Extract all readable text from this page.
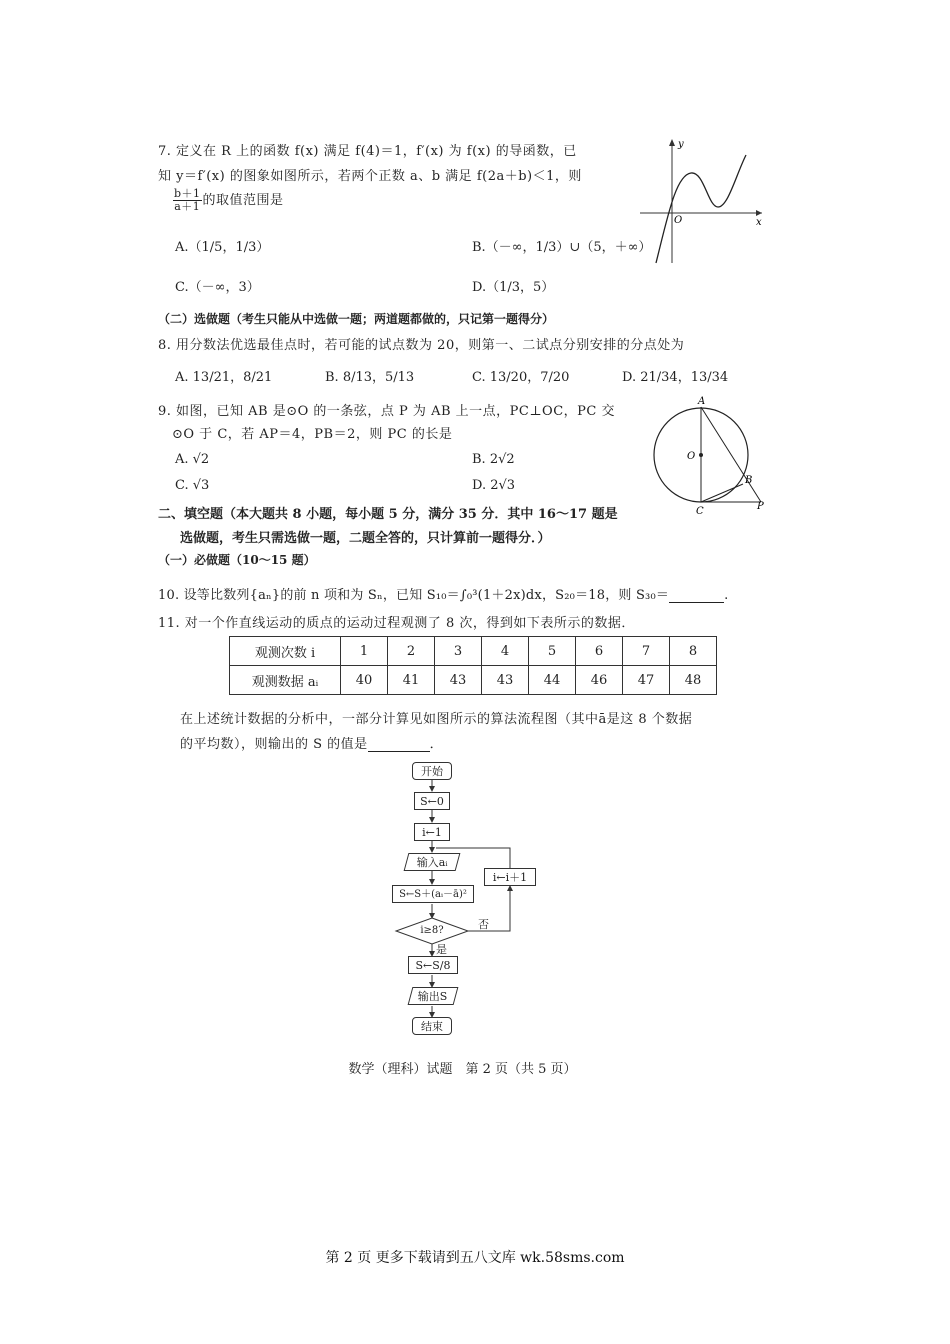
7. 定义在 R 上的函数 f(x) 满足 f(4)＝1，f′(x) 为 f(x) 的导函数，已
知 y＝f′(x) 的图象如图所示，若两个正数 a、b 满足 f(2a＋b)＜1，则
$\frac{b+1}{a+1}$ 的取值范围是
A.（1/5，1/3）	B.（－∞，1/3）∪（5，＋∞）
C.（－∞，3）	D.（1/3，5）
y
x
O
（二）选做题（考生只能从中选做一题；两道题都做的，只记第一题得分）
8. 用分数法优选最佳点时，若可能的试点数为 20，则第一、二试点分别安排的分点处为
A. 13/21，8/21	B. 8/13，5/13	C. 13/20，7/20	D. 21/34，13/34
9. 如图，已知 AB 是⊙O 的一条弦，点 P 为 AB 上一点，PC⊥OC，PC 交
⊙O 于 C，若 AP＝4，PB＝2，则 PC 的长是
A. √2	B. 2√2
C. √3	D. 2√3
A
O
B
C	P
二、填空题（本大题共 8 小题，每小题 5 分，满分 35 分．其中 16～17 题是
选做题，考生只需选做一题，二题全答的，只计算前一题得分．）
（一）必做题（10～15 题）
10. 设等比数列{aₙ}的前 n 项和为 Sₙ，已知 S₁₀＝∫₀³(1＋2x)dx，S₂₀＝18，则 S₃₀＝	.
11. 对一个作直线运动的质点的运动过程观测了 8 次，得到如下表所示的数据．
观测次数 i	1	2	3	4	5	6	7	8
观测数据 aᵢ	40	41	43	43	44	46	47	48
在上述统计数据的分析中，一部分计算见如图所示的算法流程图（其中ā是这 8 个数据
的平均数），则输出的 S 的值是	．
开始
S←0
i←1
输入aᵢ
S←S＋(aᵢ－ā)²
i≥8?
i←i＋1
否
是
S←S/8
输出S
结束
数学（理科）试题　第 2 页（共 5 页）
第 2 页 更多下载请到五八文库 wk.58sms.com
